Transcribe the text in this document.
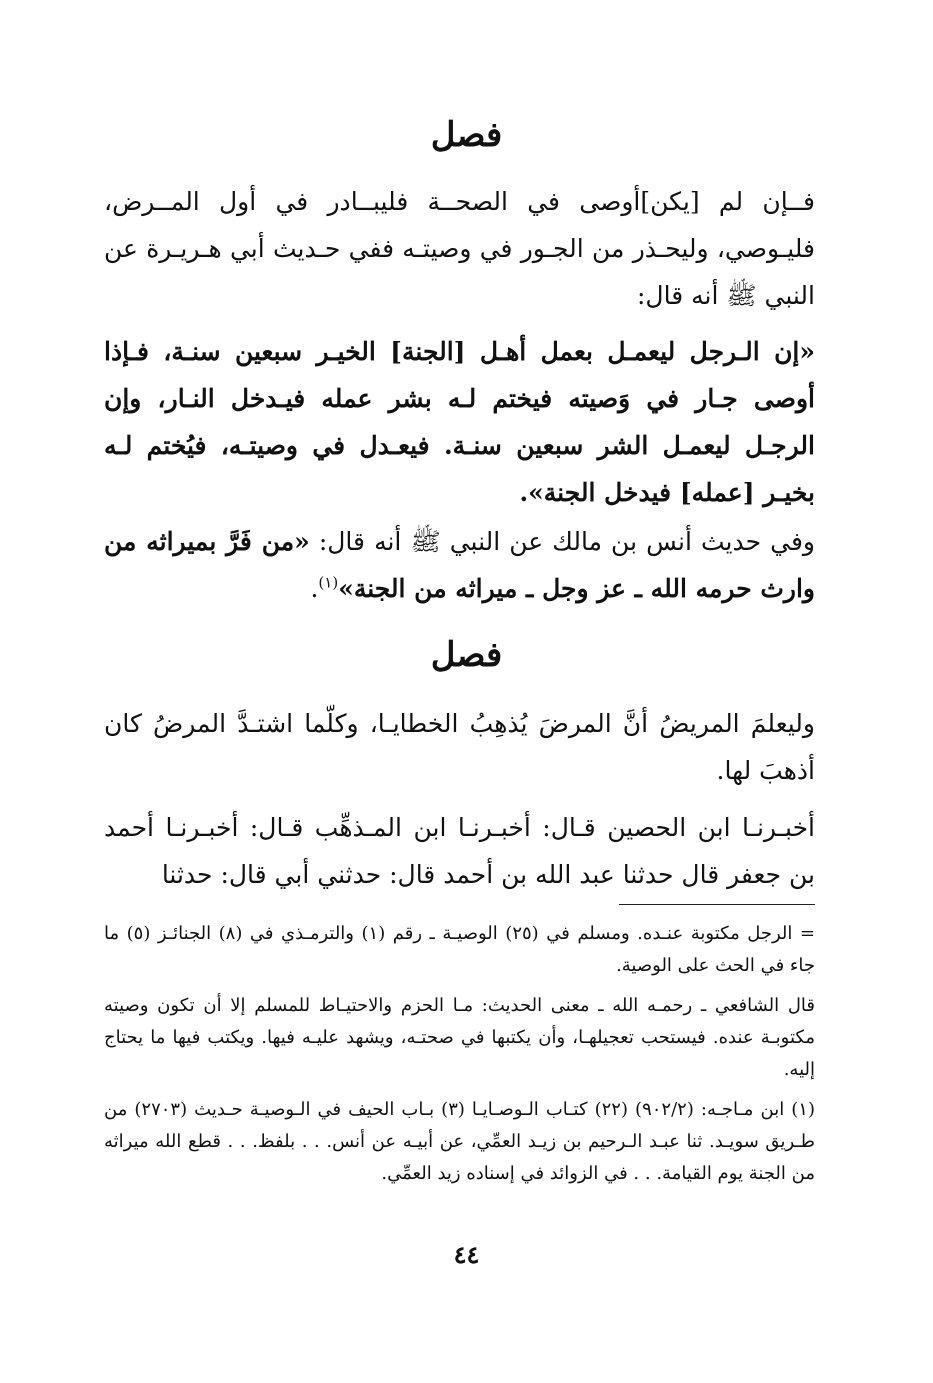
فصل

فــإن لم [يكن]أوصى في الصحــة فليبــادر في أول المــرض، فليـوصي، وليحـذر من الجـور في وصيتـه ففي حـديث أبي هـريـرة عن النبي ﷺ أنه قال:

«إن الـرجل ليعمـل بعمل أهـل [الجنة] الخيـر سبعين سنـة، فـإذا أوصى جـار في وَصيته فيختم لـه بشر عمله فيـدخل النـار، وإن الرجـل ليعمـل الشر سبعين سنـة. فيعـدل في وصيتـه، فيُختم لـه بخيـر [عمله] فيدخل الجنة».

وفي حديث أنس بن مالك عن النبي ﷺ أنه قال: «من فَرَّ بميراثه من وارث حرمه الله ـ عز وجل ـ ميراثه من الجنة»$^{(١)}$.

فصل

وليعلمَ المريضُ أنَّ المرضَ يُذهِبُ الخطايـا، وكلّما اشتـدَّ المرضُ كان أذهبَ لها.

أخبـرنـا ابن الحصين قـال: أخبـرنـا ابن المـذهِّب قـال: أخبـرنـا أحمد بن جعفر قال حدثنا عبد الله بن أحمد قال: حدثني أبي قال: حدثنا

= الرجل مكتوبة عنـده. ومسلم في (٢٥) الوصيـة ـ رقم (١) والترمـذي في (٨) الجنائـز (٥) ما جاء في الحث على الوصية.

قال الشافعي ـ رحمـه الله ـ معنى الحديث: مـا الحزم والاحتيـاط للمسلم إلا أن تكون وصيته مكتوبـة عنده. فيستحب تعجيلهـا، وأن يكتبها في صحتـه، ويشهد عليـه فيها. ويكتب فيها ما يحتاج إليه.

(١) ابن مـاجـه: (٩٠٢/٢) (٢٢) كتـاب الـوصـايـا (٣) بـاب الحيف في الـوصيـة حـديث (٢٧٠٣) من طـريق سويـد. ثنا عبـد الـرحيم بن زيـد العمِّي، عن أبيـه عن أنس. . . بلفظ. . . قطع الله ميراثه من الجنة يوم القيامة. . . في الزوائد في إسناده زيد العمِّي.

٤٤
